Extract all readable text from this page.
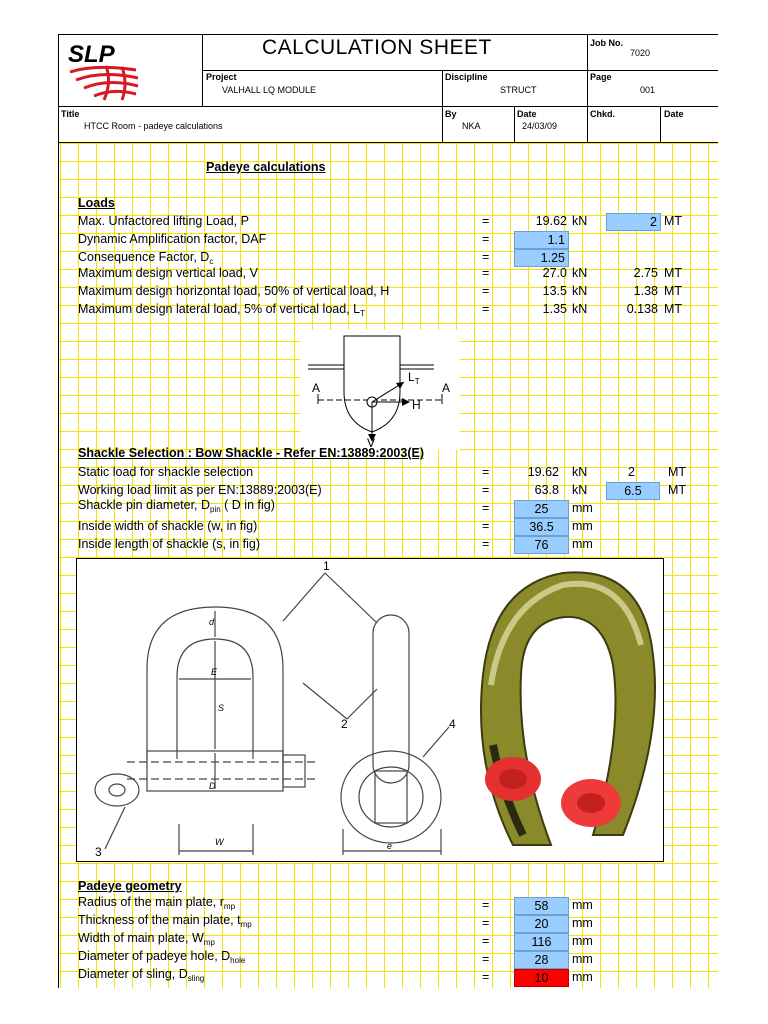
SLP	CALCULATION SHEET	Job No.
7020
Project
VALHALL LQ MODULE
Discipline
STRUCT
Page
001
Title
HTCC Room - padeye calculations
By
NKA
Date
24/03/09
Chkd.	Date
Padeye calculations
Loads
Max. Unfactored lifting Load, P	=	19.62 kN	2 MT
Dynamic Amplification factor, DAF	=	1.1
Consequence Factor, $D_c$	=	1.25
Maximum design vertical load, V	=	27.0 kN	2.75 MT
Maximum design horizontal load, 50% of vertical load, H	=	13.5 kN	1.38 MT
Maximum design lateral load, 5% of vertical load, $L_T$	=	1.35 kN	0.138 MT
A	A
$L_T$
H
V
Shackle Selection : Bow Shackle - Refer EN:13889:2003(E)
Static load for shackle selection	=	19.62 kN	2	MT
Working load limit as per EN:13889:2003(E)	=	63.8 kN	6.5	MT
Shackle pin diameter, $D_{pin}$ ( D in fig)	=	25	mm
Inside width of shackle (w, in fig)	=	36.5	mm
Inside length of shackle (s, in fig)	=	76	mm
1
2
3
4
d
E
S
D
W	e
Padeye geometry
Radius of the main plate, $r_{mp}$	=	58	mm
Thickness of the main plate, $t_{mp}$	=	20	mm
Width of main plate, $W_{mp}$	=	116	mm
Diameter of padeye hole, $D_{hole}$	=	28	mm
Diameter of sling, $D_{sling}$	=	10	mm
